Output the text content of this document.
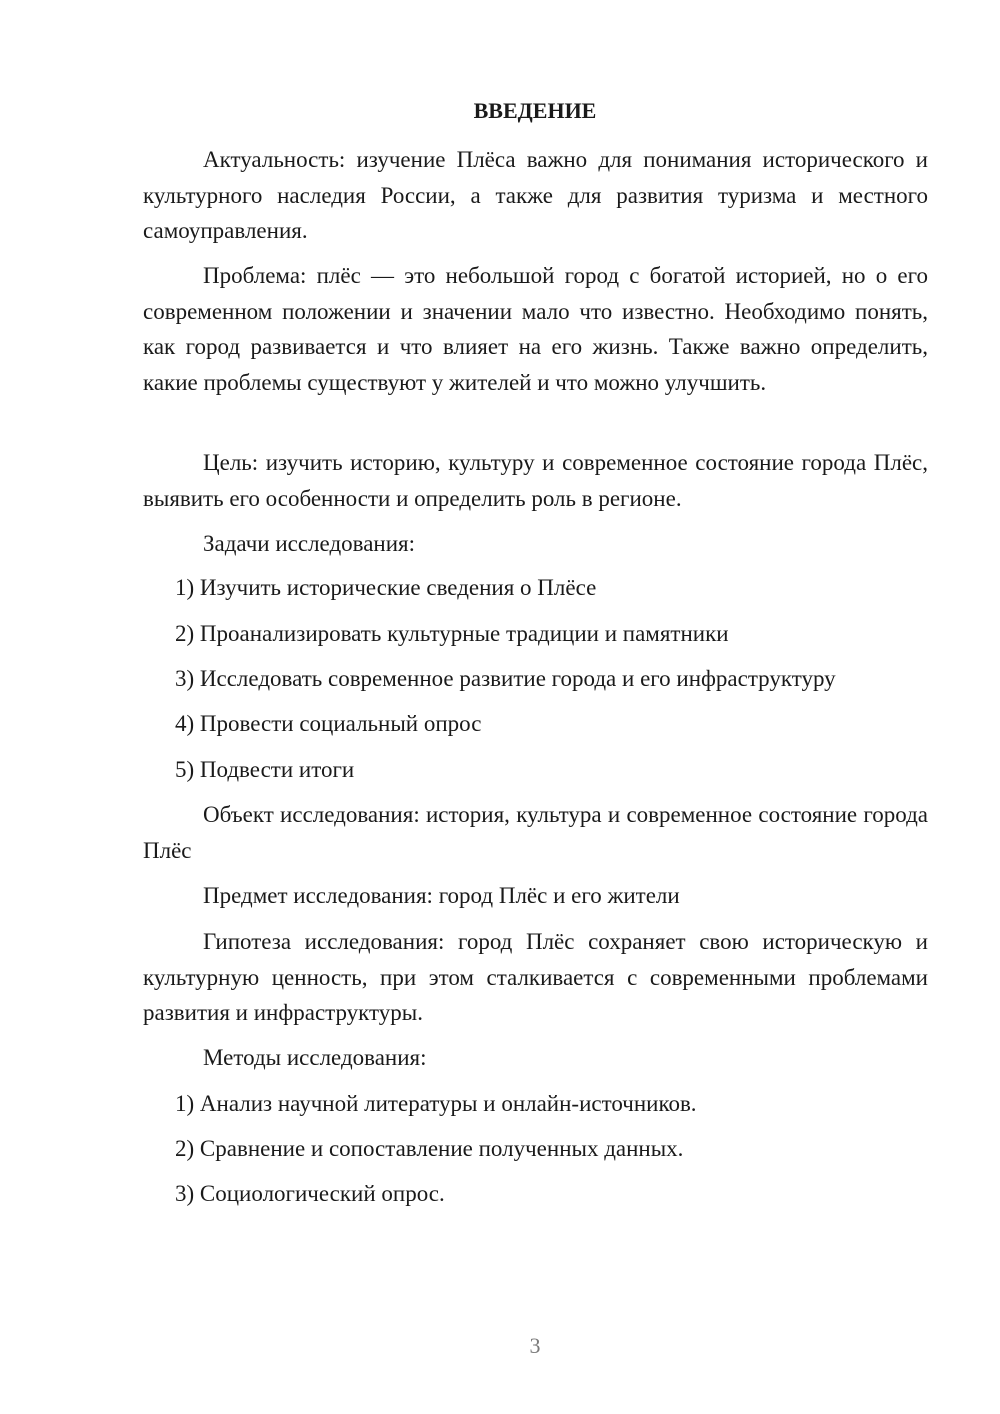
ВВЕДЕНИЕ

Актуальность: изучение Плёса важно для понимания исторического и культурного наследия России, а также для развития туризма и местного самоуправления.

Проблема: плёс — это небольшой город с богатой историей, но о его современном положении и значении мало что известно. Необходимо понять, как город развивается и что влияет на его жизнь. Также важно определить, какие проблемы существуют у жителей и что можно улучшить.

Цель: изучить историю, культуру и современное состояние города Плёс, выявить его особенности и определить роль в регионе.

Задачи исследования:

1) Изучить исторические сведения о Плёсе
2) Проанализировать культурные традиции и памятники
3) Исследовать современное развитие города и его инфраструктуру
4) Провести социальный опрос
5) Подвести итоги

Объект исследования: история, культура и современное состояние города Плёс

Предмет исследования: город Плёс и его жители

Гипотеза исследования: город Плёс сохраняет свою историческую и культурную ценность, при этом сталкивается с современными проблемами развития и инфраструктуры.

Методы исследования:

1) Анализ научной литературы и онлайн-источников.
2) Сравнение и сопоставление полученных данных.
3) Социологический опрос.
3
